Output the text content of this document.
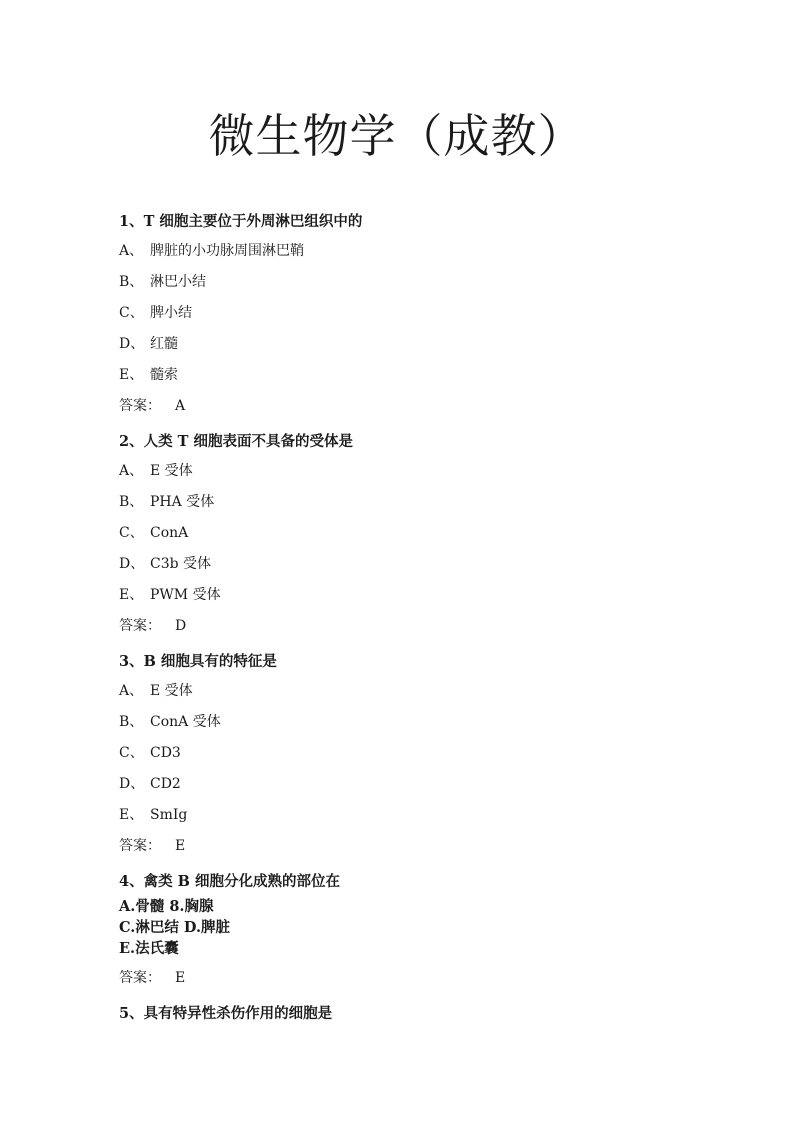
微生物学（成教）

1、T 细胞主要位于外周淋巴组织中的

A、 脾脏的小功脉周围淋巴鞘

B、 淋巴小结

C、 脾小结

D、 红髓

E、 髓索

答案： A

2、人类 T 细胞表面不具备的受体是

A、 E 受体

B、 PHA 受体

C、 ConA

D、 C3b 受体

E、 PWM 受体

答案： D

3、B 细胞具有的特征是

A、 E 受体

B、 ConA 受体

C、 CD3

D、 CD2

E、 SmIg

答案： E

4、禽类 B 细胞分化成熟的部位在

A.骨髓 8.胸腺

C.淋巴结 D.脾脏

E.法氏囊

答案： E

5、具有特异性杀伤作用的细胞是
